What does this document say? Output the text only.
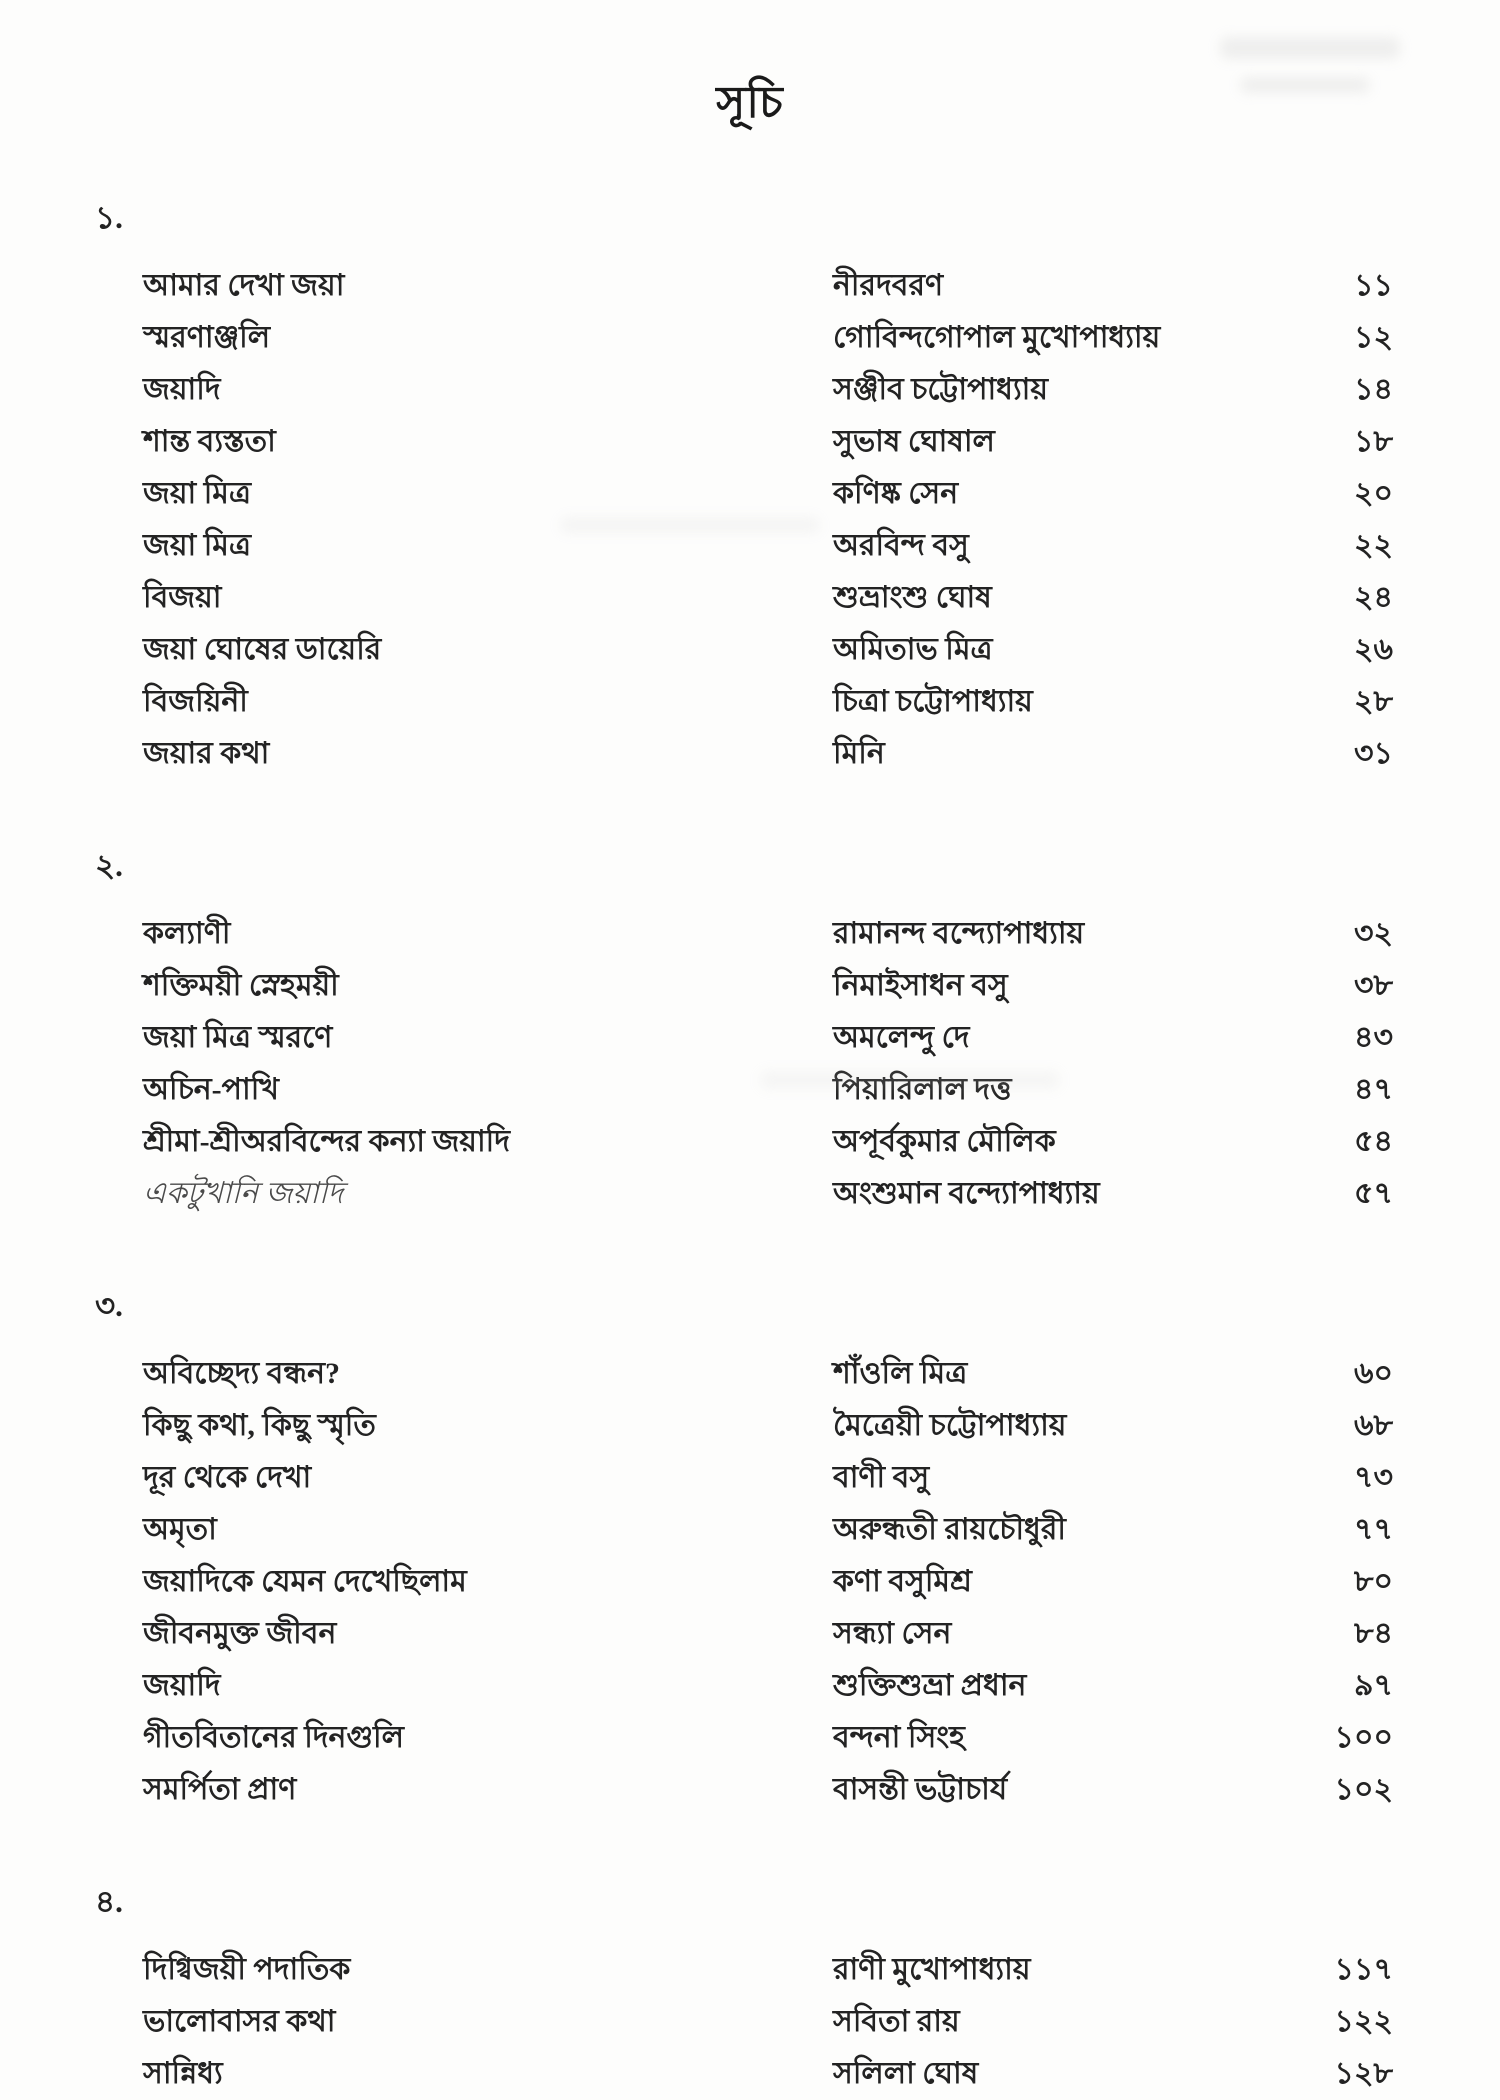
সূচি
১.
আমার দেখা জয়া	নীরদবরণ	১১
স্মরণাঞ্জলি	গোবিন্দগোপাল মুখোপাধ্যায়	১২
জয়াদি	সঞ্জীব চট্টোপাধ্যায়	১৪
শান্ত ব্যস্ততা	সুভাষ ঘোষাল	১৮
জয়া মিত্র	কণিষ্ক সেন	২০
জয়া মিত্র	অরবিন্দ বসু	২২
বিজয়া	শুভ্রাংশু ঘোষ	২৪
জয়া ঘোষের ডায়েরি	অমিতাভ মিত্র	২৬
বিজয়িনী	চিত্রা চট্টোপাধ্যায়	২৮
জয়ার কথা	মিনি	৩১
২.
কল্যাণী	রামানন্দ বন্দ্যোপাধ্যায়	৩২
শক্তিময়ী স্নেহময়ী	নিমাইসাধন বসু	৩৮
জয়া মিত্র স্মরণে	অমলেন্দু দে	৪৩
অচিন-পাখি	পিয়ারিলাল দত্ত	৪৭
শ্রীমা-শ্রীঅরবিন্দের কন্যা জয়াদি	অপূর্বকুমার মৌলিক	৫৪
একটুখানি জয়াদি	অংশুমান বন্দ্যোপাধ্যায়	৫৭
৩.
অবিচ্ছেদ্য বন্ধন?	শাঁওলি মিত্র	৬০
কিছু কথা, কিছু স্মৃতি	মৈত্রেয়ী চট্টোপাধ্যায়	৬৮
দূর থেকে দেখা	বাণী বসু	৭৩
অমৃতা	অরুন্ধতী রায়চৌধুরী	৭৭
জয়াদিকে যেমন দেখেছিলাম	কণা বসুমিশ্র	৮০
জীবনমুক্ত জীবন	সন্ধ্যা সেন	৮৪
জয়াদি	শুক্তিশুভ্রা প্রধান	৯৭
গীতবিতানের দিনগুলি	বন্দনা সিংহ	১০০
সমর্পিতা প্রাণ	বাসন্তী ভট্টাচার্য	১০২
৪.
দিগ্বিজয়ী পদাতিক	রাণী মুখোপাধ্যায়	১১৭
ভালোবাসর কথা	সবিতা রায়	১২২
সান্নিধ্য	সলিলা ঘোষ	১২৮
